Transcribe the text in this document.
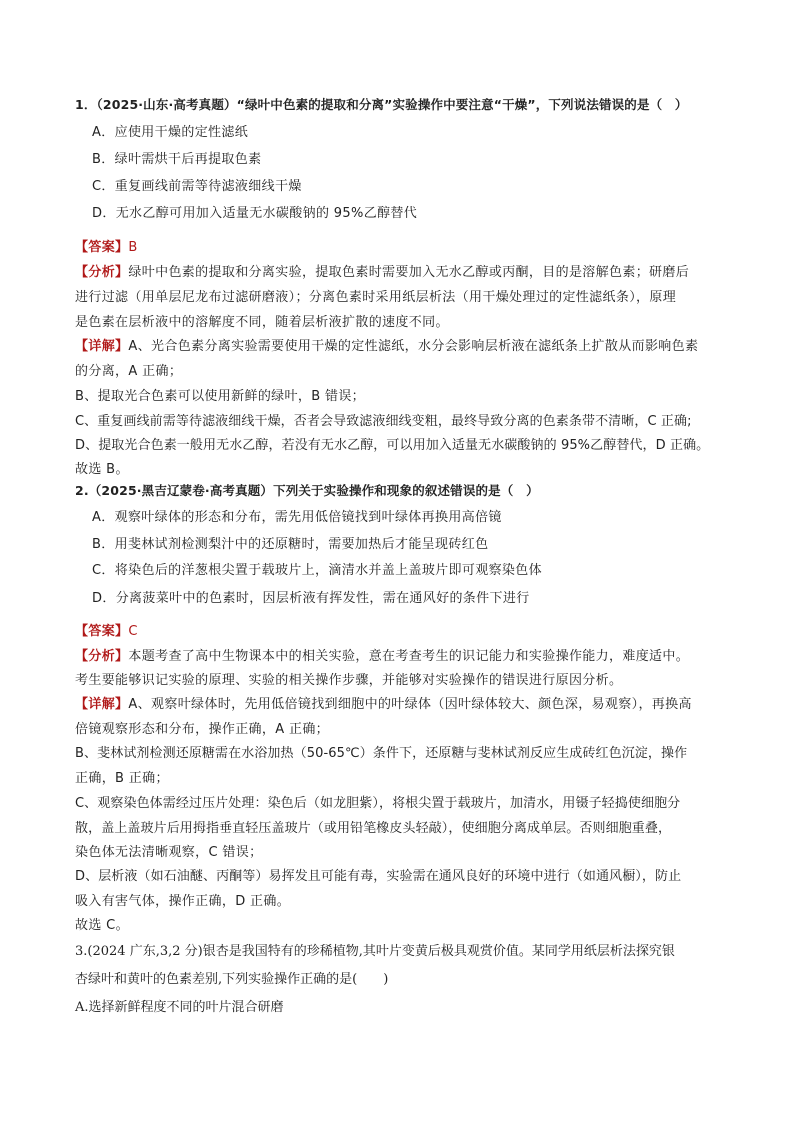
1．（2025·山东·高考真题）“绿叶中色素的提取和分离”实验操作中要注意“干燥”，下列说法错误的是（　）
A．应使用干燥的定性滤纸
B．绿叶需烘干后再提取色素
C．重复画线前需等待滤液细线干燥
D．无水乙醇可用加入适量无水碳酸钠的 95%乙醇替代
【答案】B
【分析】绿叶中色素的提取和分离实验，提取色素时需要加入无水乙醇或丙酮，目的是溶解色素；研磨后
进行过滤（用单层尼龙布过滤研磨液）；分离色素时采用纸层析法（用干燥处理过的定性滤纸条），原理
是色素在层析液中的溶解度不同，随着层析液扩散的速度不同。
【详解】A、光合色素分离实验需要使用干燥的定性滤纸，水分会影响层析液在滤纸条上扩散从而影响色素
的分离，A 正确；
B、提取光合色素可以使用新鲜的绿叶，B 错误；
C、重复画线前需等待滤液细线干燥，否者会导致滤液细线变粗，最终导致分离的色素条带不清晰，C 正确;
D、提取光合色素一般用无水乙醇，若没有无水乙醇，可以用加入适量无水碳酸钠的 95%乙醇替代，D 正确。
故选 B。
2.（2025·黑吉辽蒙卷·高考真题）下列关于实验操作和现象的叙述错误的是（　）
A．观察叶绿体的形态和分布，需先用低倍镜找到叶绿体再换用高倍镜
B．用斐林试剂检测梨汁中的还原糖时，需要加热后才能呈现砖红色
C．将染色后的洋葱根尖置于载玻片上，滴清水并盖上盖玻片即可观察染色体
D．分离菠菜叶中的色素时，因层析液有挥发性，需在通风好的条件下进行
【答案】C
【分析】本题考查了高中生物课本中的相关实验，意在考查考生的识记能力和实验操作能力，难度适中。
考生要能够识记实验的原理、实验的相关操作步骤，并能够对实验操作的错误进行原因分析。
【详解】A、观察叶绿体时，先用低倍镜找到细胞中的叶绿体（因叶绿体较大、颜色深，易观察），再换高
倍镜观察形态和分布，操作正确，A 正确；
B、斐林试剂检测还原糖需在水浴加热（50-65℃）条件下，还原糖与斐林试剂反应生成砖红色沉淀，操作
正确，B 正确；
C、观察染色体需经过压片处理：染色后（如龙胆紫），将根尖置于载玻片，加清水，用镊子轻捣使细胞分
散，盖上盖玻片后用拇指垂直轻压盖玻片（或用铅笔橡皮头轻敲），使细胞分离成单层。否则细胞重叠，
染色体无法清晰观察，C 错误；
D、层析液（如石油醚、丙酮等）易挥发且可能有毒，实验需在通风良好的环境中进行（如通风橱），防止
吸入有害气体，操作正确，D 正确。
故选 C。
3.(2024 广东,3,2 分)银杏是我国特有的珍稀植物,其叶片变黄后极具观赏价值。某同学用纸层析法探究银
杏绿叶和黄叶的色素差别,下列实验操作正确的是(　　)
A.选择新鲜程度不同的叶片混合研磨
